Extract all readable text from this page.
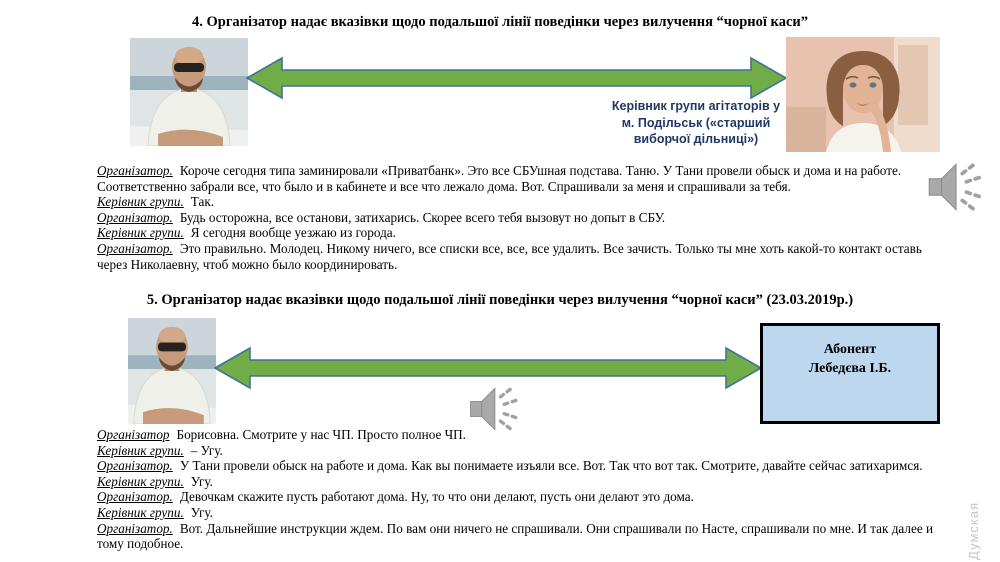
4. Організатор надає вказівки щодо подальшої лінії поведінки через вилучення “чорної каси”
Керівник групи агітаторів у
м. Подільськ («старший
виборчої дільниці»)

Організатор. Короче сегодня типа заминировали «Приватбанк». Это все СБУшная подстава. Таню. У Тани провели обыск и дома и на работе. Соответственно забрали все, что было и в кабинете и все что лежало дома. Вот. Спрашивали за меня и спрашивали за тебя.

Керівник групи. Так.

Організатор. Будь осторожна, все останови, затихарись. Скорее всего тебя вызовут но допыт в СБУ.

Керівник групи. Я сегодня вообще уезжаю из города.

Організатор. Это правильно. Молодец. Никому ничего, все списки все, все, все удалить. Все зачисть. Только ты мне хоть какой-то контакт оставь через Николаевну, чтоб можно было координировать.

5. Організатор надає вказівки щодо подальшої лінії поведінки через вилучення “чорної каси” (23.03.2019р.)
Абонент
Лебедєва І.Б.

Організатор Борисовна. Смотрите у нас ЧП. Просто полное ЧП.

Керівник групи. – Угу.

Організатор. У Тани провели обыск на работе и дома. Как вы понимаете изъяли все. Вот. Так что вот так. Смотрите, давайте сейчас затихаримся.

Керівник групи. Угу.

Організатор. Девочкам скажите пусть работают дома. Ну, то что они делают, пусть они делают это дома.

Керівник групи. Угу.

Організатор. Вот. Дальнейшие инструкции ждем. По вам они ничего не спрашивали. Они спрашивали по Насте, спрашивали по мне. И так далее и тому подобное.	Думская
